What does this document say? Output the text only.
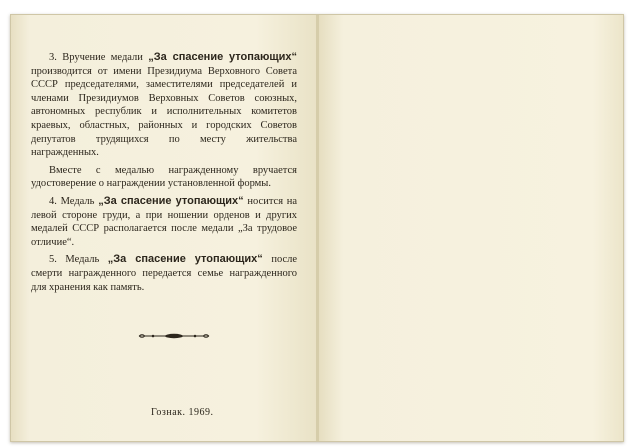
3. Вручение медали „За спасение утопающих“ производится от имени Президиума Верховного Совета СССР председателями, заместителями председателей и членами Президиумов Верховных Советов союзных, автономных республик и исполнительных комитетов краевых, областных, районных и городских Советов депутатов трудящихся по месту жительства награжденных.

Вместе с медалью награжденному вручается удостоверение о награждении установленной формы.

4. Медаль „За спасение утопающих“ носится на левой стороне груди, а при ношении орденов и других медалей СССР располагается после медали „За трудовое отличие“.

5. Медаль „За спасение утопающих“ после смерти награжденного передается семье награжденного для хранения как память.

Гознак. 1969.
